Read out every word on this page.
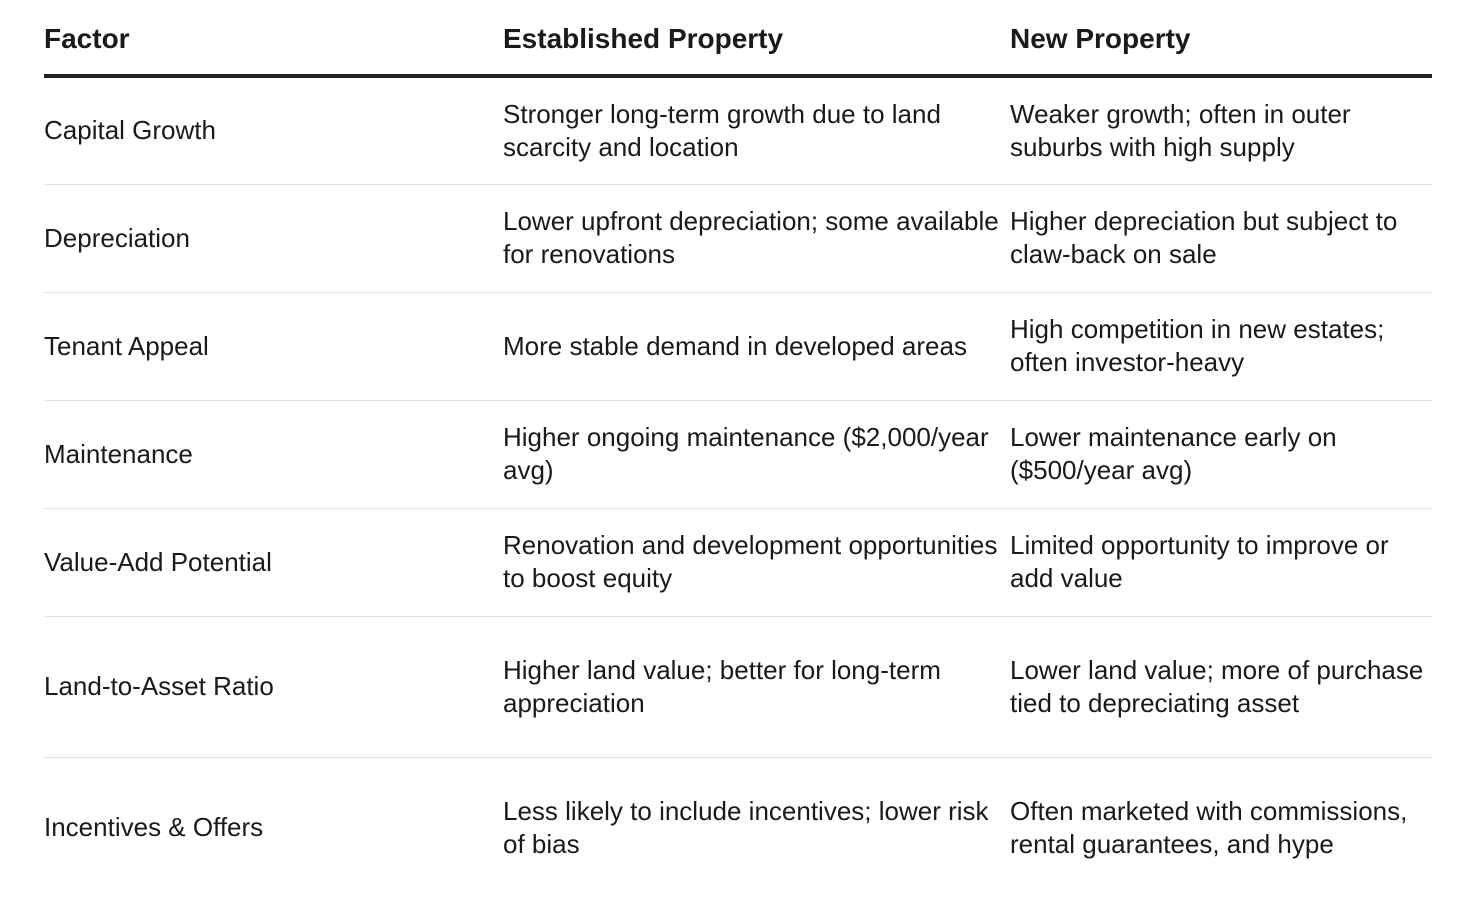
Factor	Established Property	New Property
Capital Growth	Stronger long-term growth due to land scarcity and location	Weaker growth; often in outer suburbs with high supply
Depreciation	Lower upfront depreciation; some available for renovations	Higher depreciation but subject to claw-back on sale
Tenant Appeal	More stable demand in developed areas	High competition in new estates; often investor-heavy
Maintenance	Higher ongoing maintenance ($2,000/year avg)	Lower maintenance early on ($500/year avg)
Value-Add Potential	Renovation and development opportunities to boost equity	Limited opportunity to improve or add value
Land-to-Asset Ratio	Higher land value; better for long-term appreciation	Lower land value; more of purchase tied to depreciating asset
Incentives & Offers	Less likely to include incentives; lower risk of bias	Often marketed with commissions, rental guarantees, and hype
